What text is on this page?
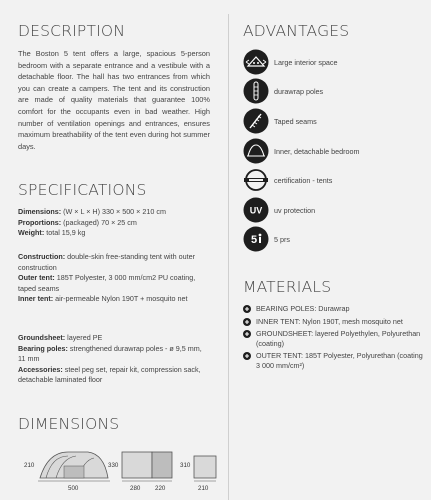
DESCRIPTION

The Boston 5 tent offers a large, spacious 5-person bedroom with a separate entrance and a vestibule with a detachable floor. The hall has two entrances from which you can create a campers. The tent and its construction are made of quality materials that guarantee 100% comfort for the occupants even in bad weather. High number of ventilation openings and entrances, ensures maximum breathability of the tent even during hot summer days.

SPECIFICATIONS
Dimensions: (W × L × H) 330 × 500 × 210 cm
Proportions: (packaged) 70 × 25 cm
Weight: total 15,9 kg
Construction: double-skin free-standing tent with outer construction
Outer tent: 185T Polyester, 3 000 mm/cm2 PU coating, taped seams
Inner tent: air-permeable Nylon 190T + mosquito net
Groundsheet: layered PE
Bearing poles: strengthened durawrap poles - ø 9,5 mm, 11 mm
Accessories: steel peg set, repair kit, compression sack, detachable laminated floor
DIMENSIONS
210
500
330
280 220
310
210
ADVANTAGES
Large interior space
durawrap poles
Taped seams
Inner, detachable bedroom
certification - tents
UV uv protection
5 5 prs
MATERIALS
BEARING POLES: Durawrap
INNER TENT: Nylon 190T, mesh mosquito net
GROUNDSHEET: layered Polyethylen, Polyurethan (coating)
OUTER TENT: 185T Polyester, Polyurethan (coating 3 000 mm/cm²)
